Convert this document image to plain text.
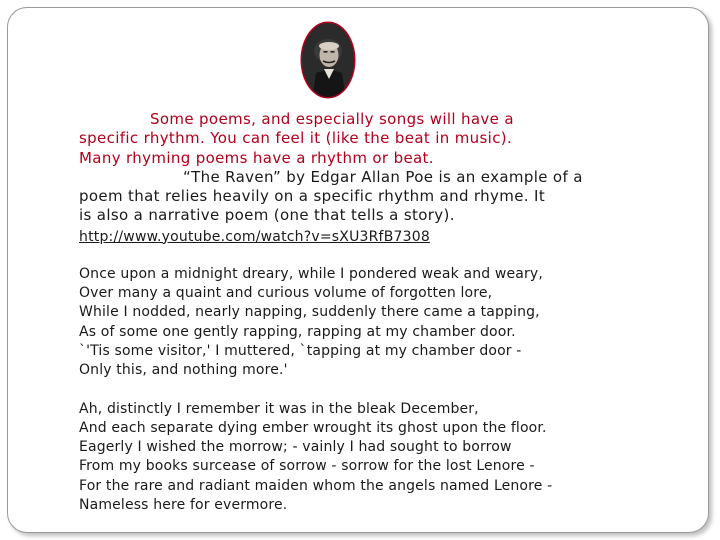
Some poems, and especially songs will have a
specific rhythm. You can feel it (like the beat in music).
Many rhyming poems have a rhythm or beat.
“The Raven” by Edgar Allan Poe is an example of a
poem that relies heavily on a specific rhythm and rhyme. It
is also a narrative poem (one that tells a story).
http://www.youtube.com/watch?v=sXU3RfB7308
Once upon a midnight dreary, while I pondered weak and weary,
Over many a quaint and curious volume of forgotten lore,
While I nodded, nearly napping, suddenly there came a tapping,
As of some one gently rapping, rapping at my chamber door.
`'Tis some visitor,' I muttered, `tapping at my chamber door -
Only this, and nothing more.'
Ah, distinctly I remember it was in the bleak December,
And each separate dying ember wrought its ghost upon the floor.
Eagerly I wished the morrow; - vainly I had sought to borrow
From my books surcease of sorrow - sorrow for the lost Lenore -
For the rare and radiant maiden whom the angels named Lenore -
Nameless here for evermore.
